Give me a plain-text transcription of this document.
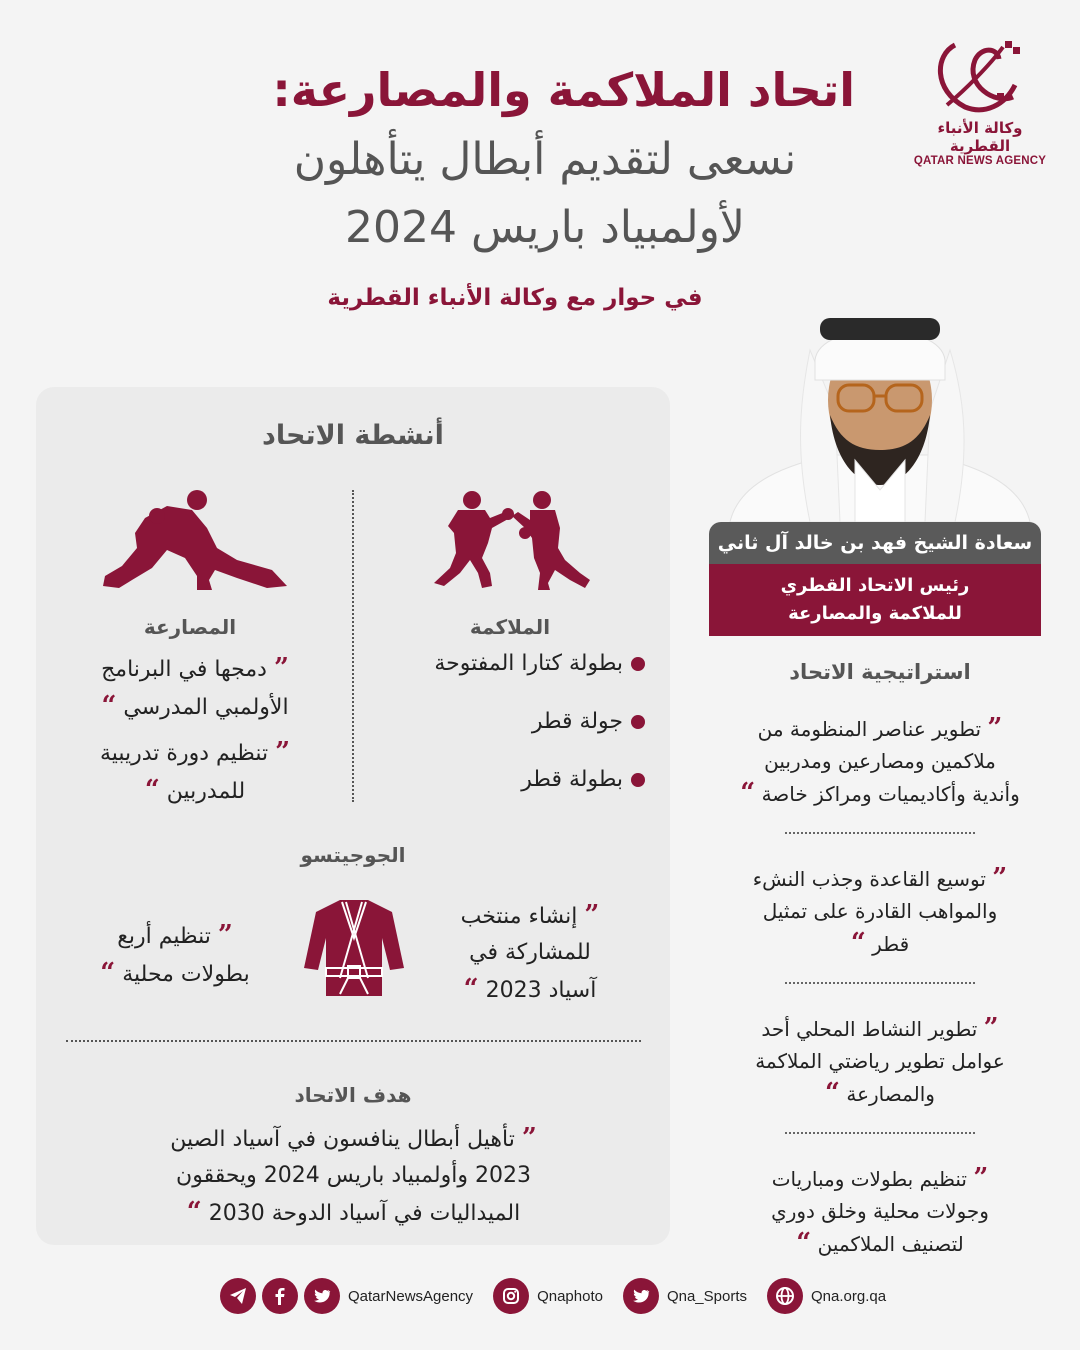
وكالة الأنباء القطرية
QATAR NEWS AGENCY
اتحاد الملاكمة والمصارعة:
نسعى لتقديم أبطال يتأهلون
لأولمبياد باريس 2024
في حوار مع وكالة الأنباء القطرية
سعادة الشيخ فهد بن خالد آل ثاني
رئيس الاتحاد القطري
للملاكمة والمصارعة
استراتيجية الاتحاد
” تطوير عناصر المنظومة من
ملاكمين ومصارعين ومدربين
وأندية وأكاديميات ومراكز خاصة “
” توسيع القاعدة وجذب النشء
والمواهب القادرة على تمثيل
قطر “
” تطوير النشاط المحلي أحد
عوامل تطوير رياضتي الملاكمة
والمصارعة “
” تنظيم بطولات ومباريات
وجولات محلية وخلق دوري
لتصنيف الملاكمين “
أنشطة الاتحاد
الملاكمة
المصارعة
بطولة كتارا المفتوحة
جولة قطر
بطولة قطر

” دمجها في البرنامج
الأولمبي المدرسي “

” تنظيم دورة تدريبية
للمدربين “

الجوجيتسو
” إنشاء منتخب
للمشاركة في
آسياد 2023 “
” تنظيم أربع
بطولات محلية “
هدف الاتحاد
” تأهيل أبطال ينافسون في آسياد الصين
2023 وأولمبياد باريس 2024 ويحققون
الميداليات في آسياد الدوحة 2030 “
QatarNewsAgency	Qnaphoto	Qna_Sports	Qna.org.qa
